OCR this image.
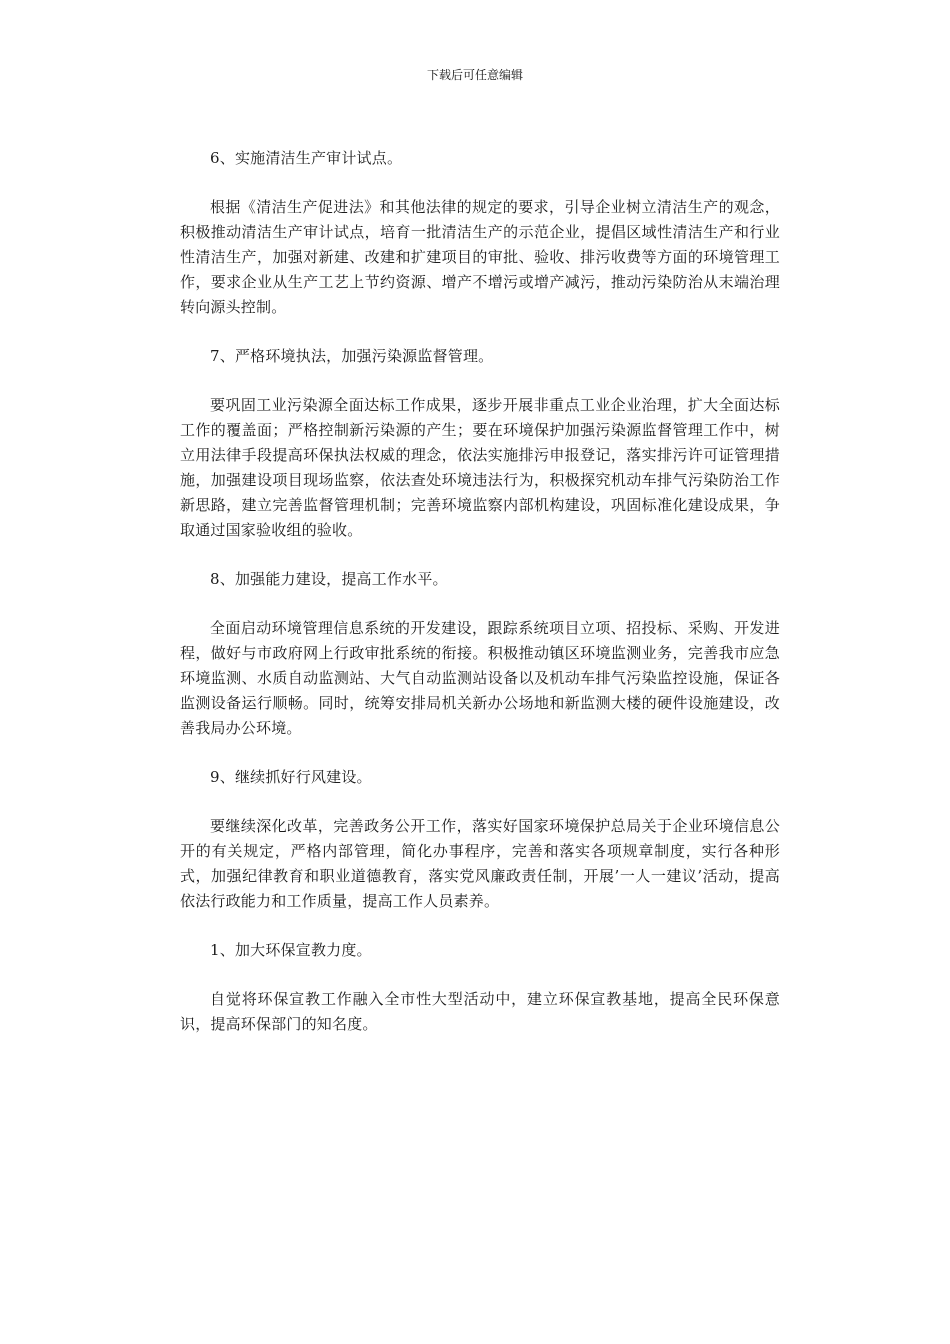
下载后可任意编辑

6、实施清洁生产审计试点。

根据《清洁生产促进法》和其他法律的规定的要求，引导企业树立清洁生产的观念，积极推动清洁生产审计试点，培育一批清洁生产的示范企业，提倡区域性清洁生产和行业性清洁生产，加强对新建、改建和扩建项目的审批、验收、排污收费等方面的环境管理工作，要求企业从生产工艺上节约资源、增产不增污或增产减污，推动污染防治从末端治理转向源头控制。

7、严格环境执法，加强污染源监督管理。

要巩固工业污染源全面达标工作成果，逐步开展非重点工业企业治理，扩大全面达标工作的覆盖面；严格控制新污染源的产生；要在环境保护加强污染源监督管理工作中，树立用法律手段提高环保执法权威的理念，依法实施排污申报登记，落实排污许可证管理措施，加强建设项目现场监察，依法查处环境违法行为，积极探究机动车排气污染防治工作新思路，建立完善监督管理机制；完善环境监察内部机构建设，巩固标准化建设成果，争取通过国家验收组的验收。

8、加强能力建设，提高工作水平。

全面启动环境管理信息系统的开发建设，跟踪系统项目立项、招投标、采购、开发进程，做好与市政府网上行政审批系统的衔接。积极推动镇区环境监测业务，完善我市应急环境监测、水质自动监测站、大气自动监测站设备以及机动车排气污染监控设施，保证各监测设备运行顺畅。同时，统筹安排局机关新办公场地和新监测大楼的硬件设施建设，改善我局办公环境。

9、继续抓好行风建设。

要继续深化改革，完善政务公开工作，落实好国家环境保护总局关于企业环境信息公开的有关规定，严格内部管理，简化办事程序，完善和落实各项规章制度，实行各种形式，加强纪律教育和职业道德教育，落实党风廉政责任制，开展’一人一建议’活动，提高依法行政能力和工作质量，提高工作人员素养。

1、加大环保宣教力度。

自觉将环保宣教工作融入全市性大型活动中，建立环保宣教基地，提高全民环保意识，提高环保部门的知名度。
